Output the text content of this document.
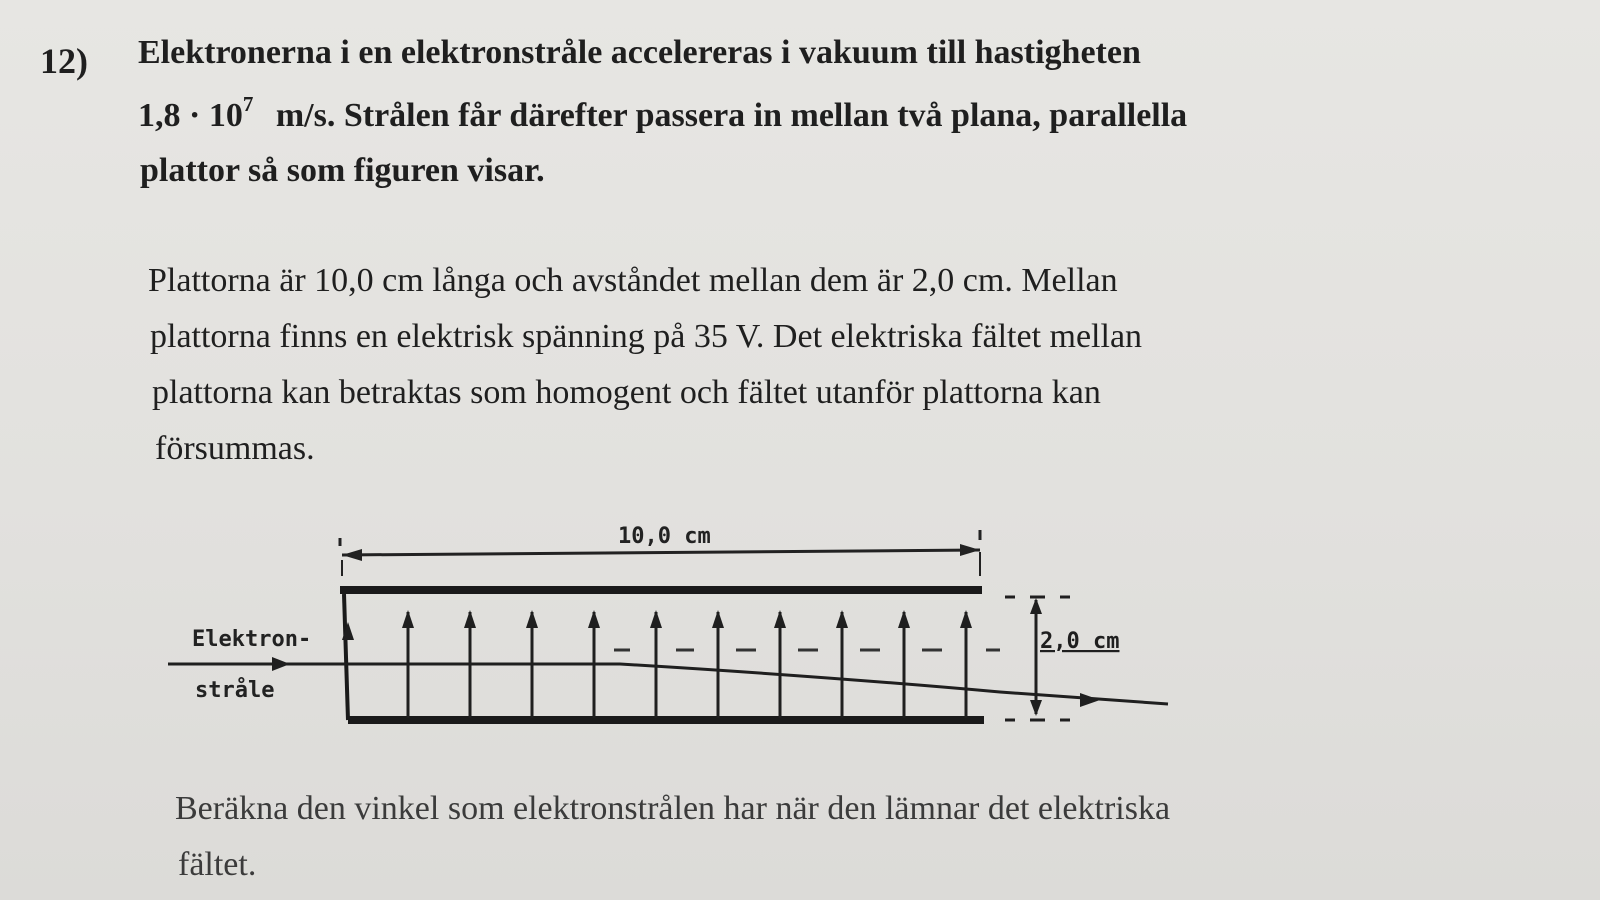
12) Elektronerna i en elektronstråle accelereras i vakuum till hastigheten
$1,8 \cdot 10^7$ m/s. Strålen får därefter passera in mellan två plana, parallella
plattor så som figuren visar.
Plattorna är 10,0 cm långa och avståndet mellan dem är 2,0 cm. Mellan
plattorna finns en elektrisk spänning på 35 V. Det elektriska fältet mellan
plattorna kan betraktas som homogent och fältet utanför plattorna kan
försummas.
10,0 cm
2,0 cm
Elektron-
stråle
Beräkna den vinkel som elektronstrålen har när den lämnar det elektriska
fältet.
